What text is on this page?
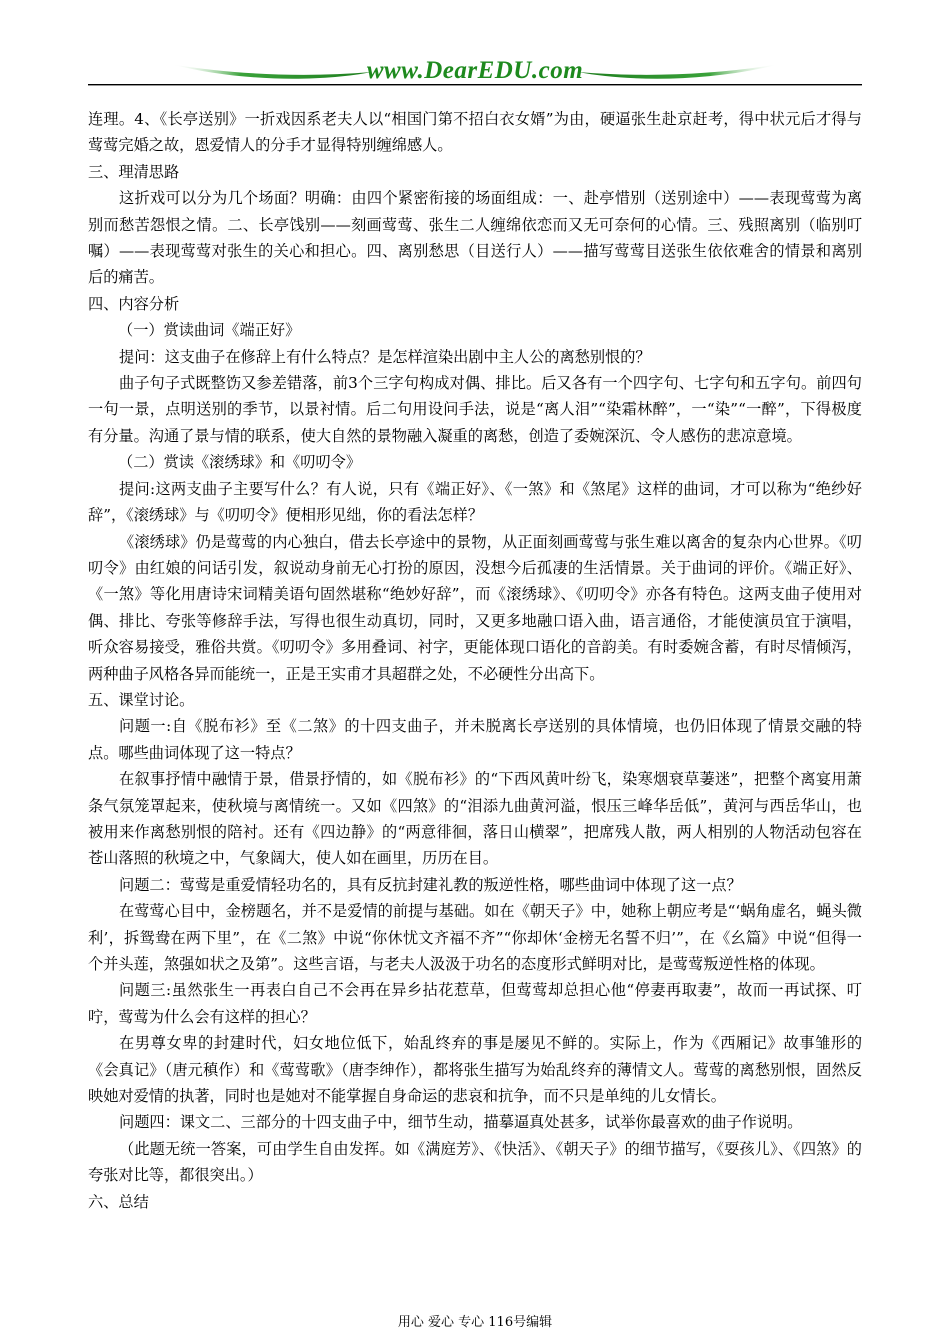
www.DearEDU.com

连理。4、《长亭送别》一折戏因系老夫人以“相国门第不招白衣女婿”为由，硬逼张生赴京赶考，得中状元后才得与莺莺完婚之故，恩爱情人的分手才显得特别缠绵感人。

三、理清思路

这折戏可以分为几个场面？明确：由四个紧密衔接的场面组成：一、赴亭惜别（送别途中）——表现莺莺为离别而愁苦怨恨之情。二、长亭饯别——刻画莺莺、张生二人缠绵依恋而又无可奈何的心情。三、残照离别（临别叮嘱）——表现莺莺对张生的关心和担心。四、离别愁思（目送行人）——描写莺莺目送张生依依难舍的情景和离别后的痛苦。

四、内容分析

（一）赏读曲词《端正好》

提问：这支曲子在修辞上有什么特点？是怎样渲染出剧中主人公的离愁别恨的？

曲子句子式既整饬又参差错落，前3个三字句构成对偶、排比。后又各有一个四字句、七字句和五字句。前四句一句一景，点明送别的季节，以景衬情。后二句用设问手法，说是“离人泪”“染霜林醉”，一“染”“一醉”，下得极度有分量。沟通了景与情的联系，使大自然的景物融入凝重的离愁，创造了委婉深沉、令人感伤的悲凉意境。

（二）赏读《滚绣球》和《叨叨令》

提问:这两支曲子主要写什么？有人说，只有《端正好》、《一煞》和《煞尾》这样的曲词，才可以称为“绝纱好辞”，《滚绣球》与《叨叨令》便相形见绌，你的看法怎样？

《滚绣球》仍是莺莺的内心独白，借去长亭途中的景物，从正面刻画莺莺与张生难以离舍的复杂内心世界。《叨叨令》由红娘的问话引发，叙说动身前无心打扮的原因，没想今后孤凄的生活情景。关于曲词的评价。《端正好》、《一煞》等化用唐诗宋词精美语句固然堪称“绝妙好辞”，而《滚绣球》、《叨叨令》亦各有特色。这两支曲子使用对偶、排比、夸张等修辞手法，写得也很生动真切，同时，又更多地融口语入曲，语言通俗，才能使演员宜于演唱，听众容易接受，雅俗共赏。《叨叨令》多用叠词、衬字，更能体现口语化的音韵美。有时委婉含蓄，有时尽情倾泻，两种曲子风格各异而能统一，正是王实甫才具超群之处，不必硬性分出高下。

五、课堂讨论。

问题一:自《脱布衫》至《二煞》的十四支曲子，并未脱离长亭送别的具体情境，也仍旧体现了情景交融的特点。哪些曲词体现了这一特点？

在叙事抒情中融情于景，借景抒情的，如《脱布衫》的“下西风黄叶纷飞，染寒烟衰草萋迷”，把整个离宴用萧条气氛笼罩起来，使秋境与离情统一。又如《四煞》的“泪添九曲黄河溢，恨压三峰华岳低”，黄河与西岳华山，也被用来作离愁别恨的陪衬。还有《四边静》的“两意徘徊，落日山横翠”，把席残人散，两人相别的人物活动包容在苍山落照的秋境之中，气象阔大，使人如在画里，历历在目。

问题二：莺莺是重爱情轻功名的，具有反抗封建礼教的叛逆性格，哪些曲词中体现了这一点？

在莺莺心目中，金榜题名，并不是爱情的前提与基础。如在《朝天子》中，她称上朝应考是“‘蜗角虚名，蝇头微利’，拆鸳鸯在两下里”，在《二煞》中说“你休忧文齐福不齐”“你却休‘金榜无名誓不归’”，在《幺篇》中说“但得一个并头莲，煞强如状之及第”。这些言语，与老夫人汲汲于功名的态度形式鲜明对比，是莺莺叛逆性格的体现。

问题三:虽然张生一再表白自己不会再在异乡拈花惹草，但莺莺却总担心他“停妻再取妻”，故而一再试探、叮咛，莺莺为什么会有这样的担心？

在男尊女卑的封建时代，妇女地位低下，始乱终弃的事是屡见不鲜的。实际上，作为《西厢记》故事雏形的《会真记》（唐元稹作）和《莺莺歌》（唐李绅作），都将张生描写为始乱终弃的薄情文人。莺莺的离愁别恨，固然反映她对爱情的执著，同时也是她对不能掌握自身命运的悲哀和抗争，而不只是单纯的儿女情长。

问题四：课文二、三部分的十四支曲子中，细节生动，描摹逼真处甚多，试举你最喜欢的曲子作说明。

（此题无统一答案，可由学生自由发挥。如《满庭芳》、《快活》、《朝天子》的细节描写，《耍孩儿》、《四煞》的夸张对比等，都很突出。）

六、总结

用心 爱心 专心 116号编辑
